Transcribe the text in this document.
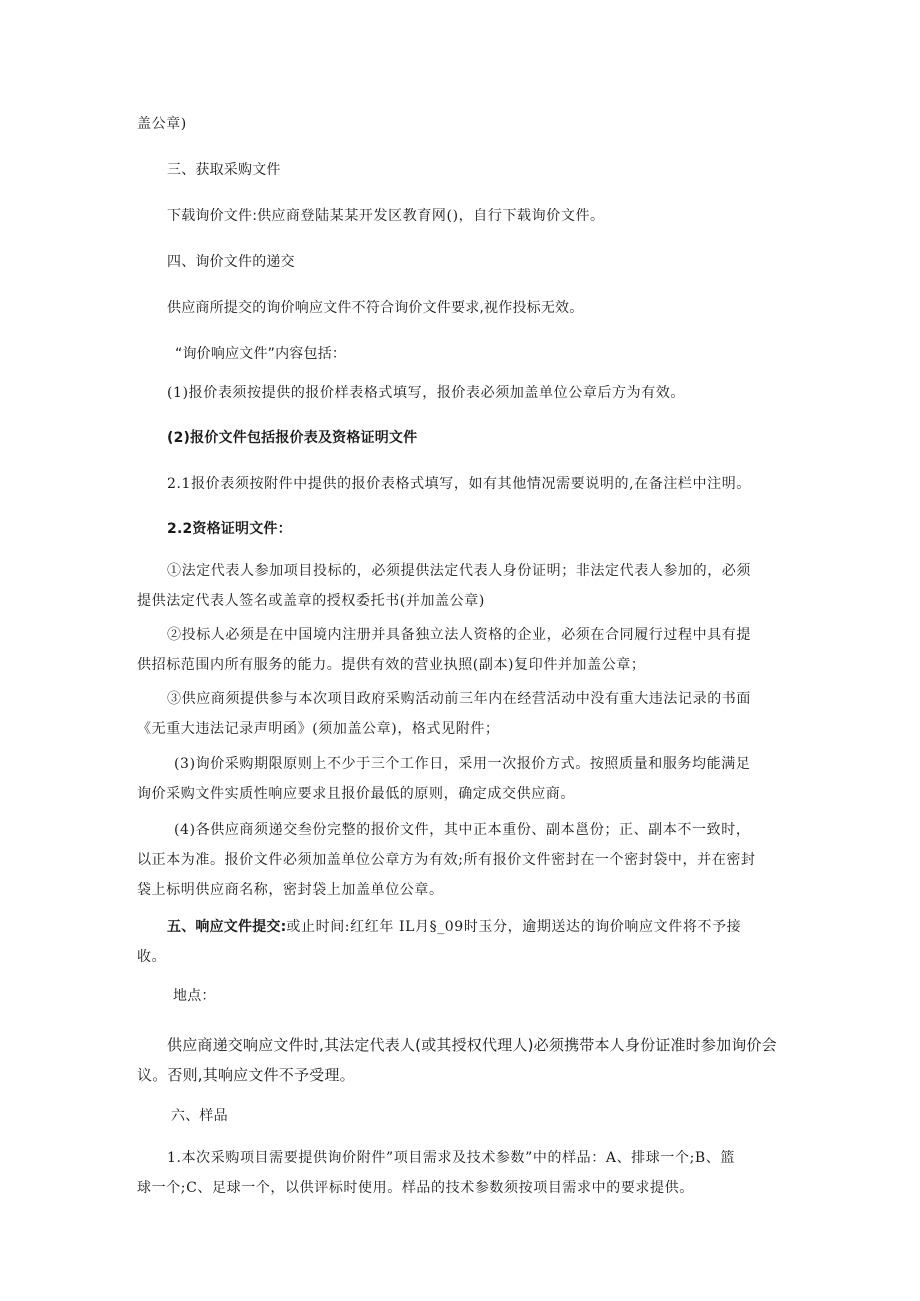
盖公章)

三、获取采购文件

下载询价文件:供应商登陆某某开发区教育网()，自行下载询价文件。

四、询价文件的递交

供应商所提交的询价响应文件不符合询价文件要求,视作投标无效。

“询价响应文件”内容包括：

(1)报价表须按提供的报价样表格式填写，报价表必须加盖单位公章后方为有效。

(2)报价文件包括报价表及资格证明文件

2.1报价表须按附件中提供的报价表格式填写，如有其他情况需要说明的,在备注栏中注明。

2.2资格证明文件：

①法定代表人参加项目投标的，必须提供法定代表人身份证明；非法定代表人参加的，必须
提供法定代表人签名或盖章的授权委托书(并加盖公章)
②投标人必须是在中国境内注册并具备独立法人资格的企业，必须在合同履行过程中具有提
供招标范围内所有服务的能力。提供有效的营业执照(副本)复印件并加盖公章；
③供应商须提供参与本次项目政府采购活动前三年内在经营活动中没有重大违法记录的书面
《无重大违法记录声明函》(须加盖公章)，格式见附件；
(3)询价采购期限原则上不少于三个工作日，采用一次报价方式。按照质量和服务均能满足
询价采购文件实质性响应要求且报价最低的原则，确定成交供应商。
(4)各供应商须递交叁份完整的报价文件，其中正本重份、副本邕份；正、副本不一致时，
以正本为准。报价文件必须加盖单位公章方为有效;所有报价文件密封在一个密封袋中，并在密封
袋上标明供应商名称，密封袋上加盖单位公章。
五、响应文件提交:或止时间:红红年 IL月§_09时玉分，逾期送达的询价响应文件将不予接
收。

地点：

供应商递交响应文件时,其法定代表人(或其授权代理人)必须携带本人身份证准时参加询价会
议。否则,其响应文件不予受理。

六、样品

1.本次采购项目需要提供询价附件”项目需求及技术参数”中的样品：A、排球一个;B、篮
球一个;C、足球一个，以供评标时使用。样品的技术参数须按项目需求中的要求提供。
